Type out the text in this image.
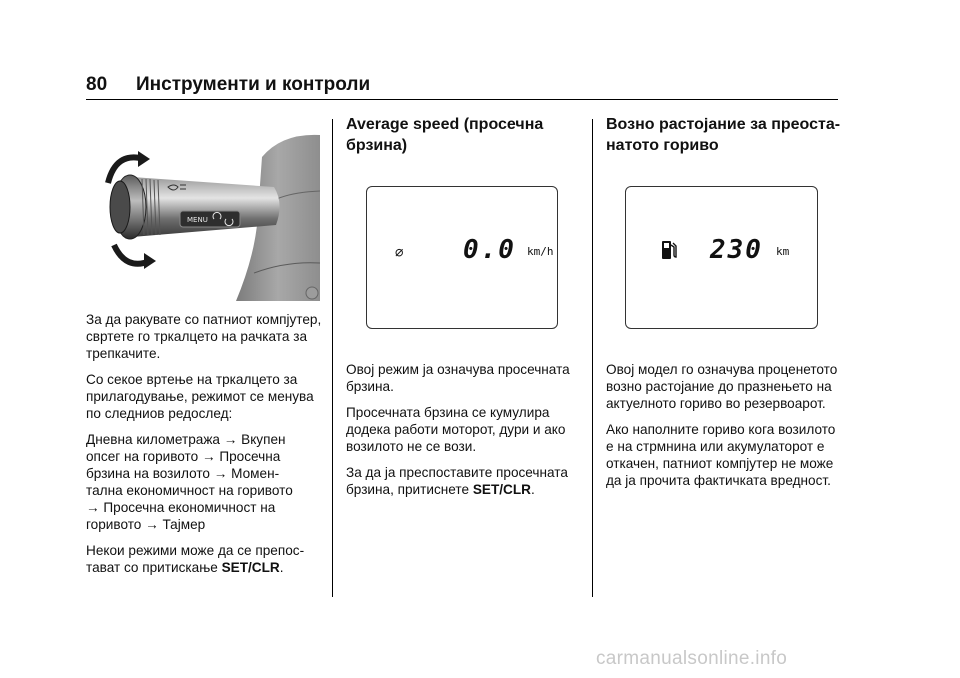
80 Инструменти и контроли
MENU

За да ракувате со патниот компјутер, свртете го тркалцето на рачката за трепкачите.

Со секое вртење на тркалцето за прилагодување, режимот се менува по следниов редослед:

Дневна километража → Вкупен
опсег на горивото → Просечна
брзина на возилото → Момен-
тална економичност на горивото
→ Просечна економичност на
горивото → Тајмер

Некои режими може да се препос-тават со притискање SET/CLR.

Average speed (просечна
брзина)
⌀ 0.0 km/h

Овој режим ја означува просечната брзина.

Просечната брзина се кумулира додека работи моторот, дури и ако возилото не се вози.

За да ја преспоставите просечната брзина, притиснете SET/CLR.

Возно растојание за преоста-
натото гориво
230 km

Овој модел го означува проценетото возно растојание до празнењето на актуелното гориво во резервоарот.

Ако наполните гориво кога возилото е на стрмнина или акумулаторот е откачен, патниот компјутер не може да ја прочита фактичката вредност.

carmanualsonline.info
